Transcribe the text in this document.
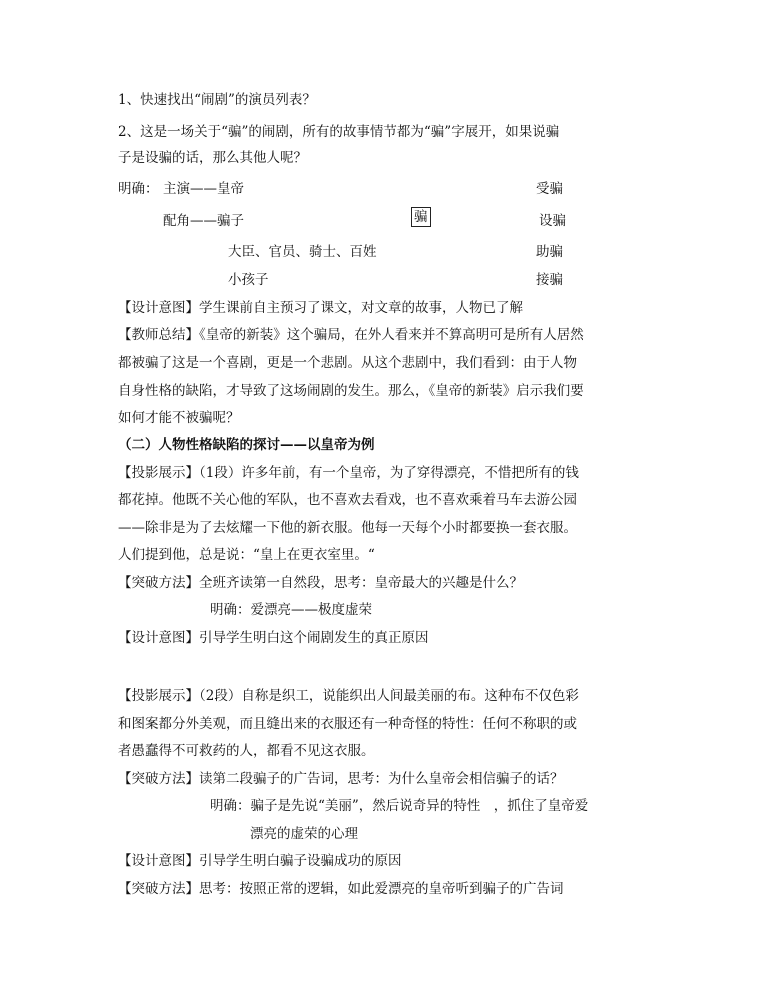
1、快速找出“闹剧”的演员列表？
2、这是一场关于“骗”的闹剧，所有的故事情节都为“骗”字展开，如果说骗
子是设骗的话，那么其他人呢？
明确： 主演——皇帝	受骗
配角——骗子	骗	设骗
大臣、官员、骑士、百姓	助骗
小孩子	接骗
【设计意图】学生课前自主预习了课文，对文章的故事，人物已了解
【教师总结】《皇帝的新装》这个骗局，在外人看来并不算高明可是所有人居然
都被骗了这是一个喜剧，更是一个悲剧。从这个悲剧中，我们看到：由于人物
自身性格的缺陷，才导致了这场闹剧的发生。那么，《皇帝的新装》启示我们要
如何才能不被骗呢？
（二）人物性格缺陷的探讨——以皇帝为例
【投影展示】（1段）许多年前，有一个皇帝，为了穿得漂亮，不惜把所有的钱
都花掉。他既不关心他的军队，也不喜欢去看戏，也不喜欢乘着马车去游公园
——除非是为了去炫耀一下他的新衣服。他每一天每个小时都要换一套衣服。
人们提到他，总是说：“皇上在更衣室里。“
【突破方法】全班齐读第一自然段，思考：皇帝最大的兴趣是什么？
明确：爱漂亮——极度虚荣
【设计意图】引导学生明白这个闹剧发生的真正原因
【投影展示】（2段）自称是织工，说能织出人间最美丽的布。这种布不仅色彩
和图案都分外美观，而且缝出来的衣服还有一种奇怪的特性：任何不称职的或
者愚蠢得不可救药的人，都看不见这衣服。
【突破方法】读第二段骗子的广告词，思考：为什么皇帝会相信骗子的话？
明确：骗子是先说“美丽”，然后说奇异的特性　，抓住了皇帝爱
漂亮的虚荣的心理
【设计意图】引导学生明白骗子设骗成功的原因
【突破方法】思考：按照正常的逻辑，如此爱漂亮的皇帝听到骗子的广告词
